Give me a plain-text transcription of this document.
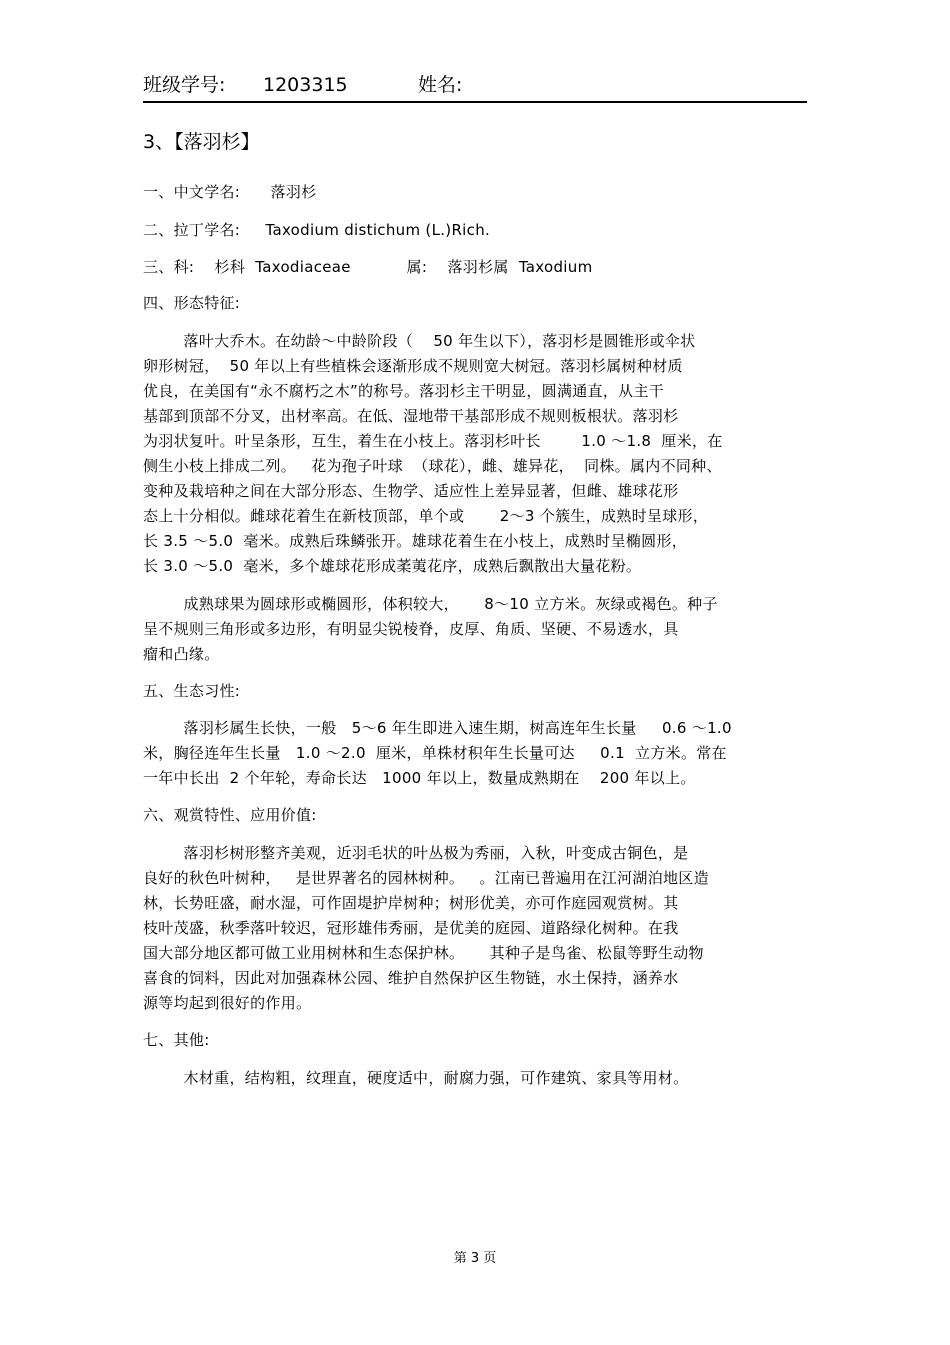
班级学号: 1203315	姓名:
3、【落羽杉】
一、中文学名:      落羽杉
二、拉丁学名:     Taxodium distichum (L.)Rich.
三、科:    杉科  Taxodiaceae           属:    落羽杉属  Taxodium
四、形态特征:
落叶大乔木。在幼龄～中龄阶段（    50 年生以下），落羽杉是圆锥形或伞状
卵形树冠，  50 年以上有些植株会逐渐形成不规则宽大树冠。落羽杉属树种材质
优良，在美国有“永不腐朽之木”的称号。落羽杉主干明显，圆满通直，从主干
基部到顶部不分叉，出材率高。在低、湿地带干基部形成不规则板根状。落羽杉
为羽状复叶。叶呈条形，互生，着生在小枝上。落羽杉叶长        1.0 ～1.8  厘米，在
侧生小枝上排成二列。   花为孢子叶球  （球花），雌、雄异花，  同株。属内不同种、
变种及栽培种之间在大部分形态、生物学、适应性上差异显著，但雌、雄球花形
态上十分相似。雌球花着生在新枝顶部，单个或       2～3 个簇生，成熟时呈球形，
长 3.5 ～5.0  毫米。成熟后珠鳞张开。雄球花着生在小枝上，成熟时呈椭圆形，
长 3.0 ～5.0  毫米，多个雄球花形成葇荑花序，成熟后飘散出大量花粉。
成熟球果为圆球形或椭圆形，体积较大，     8～10 立方米。灰绿或褐色。种子
呈不规则三角形或多边形，有明显尖锐棱脊，皮厚、角质、坚硬、不易透水，具
瘤和凸缘。
五、生态习性:
落羽杉属生长快，一般   5～6 年生即进入速生期，树高连年生长量     0.6 ～1.0
米，胸径连年生长量   1.0 ～2.0  厘米，单株材积年生长量可达     0.1  立方米。常在
一年中长出  2 个年轮，寿命长达   1000 年以上，数量成熟期在    200 年以上。
六、观赏特性、应用价值:
落羽杉树形整齐美观，近羽毛状的叶丛极为秀丽，入秋，叶变成古铜色，是
良好的秋色叶树种，   是世界著名的园林树种。   。江南已普遍用在江河湖泊地区造
林，长势旺盛，耐水湿，可作固堤护岸树种；树形优美，亦可作庭园观赏树。其
枝叶茂盛，秋季落叶较迟，冠形雄伟秀丽，是优美的庭园、道路绿化树种。在我
国大部分地区都可做工业用树林和生态保护林。     其种子是鸟雀、松鼠等野生动物
喜食的饲料，因此对加强森林公园、维护自然保护区生物链，水土保持，涵养水
源等均起到很好的作用。
七、其他:
木材重，结构粗，纹理直，硬度适中，耐腐力强，可作建筑、家具等用材。
第 3 页
